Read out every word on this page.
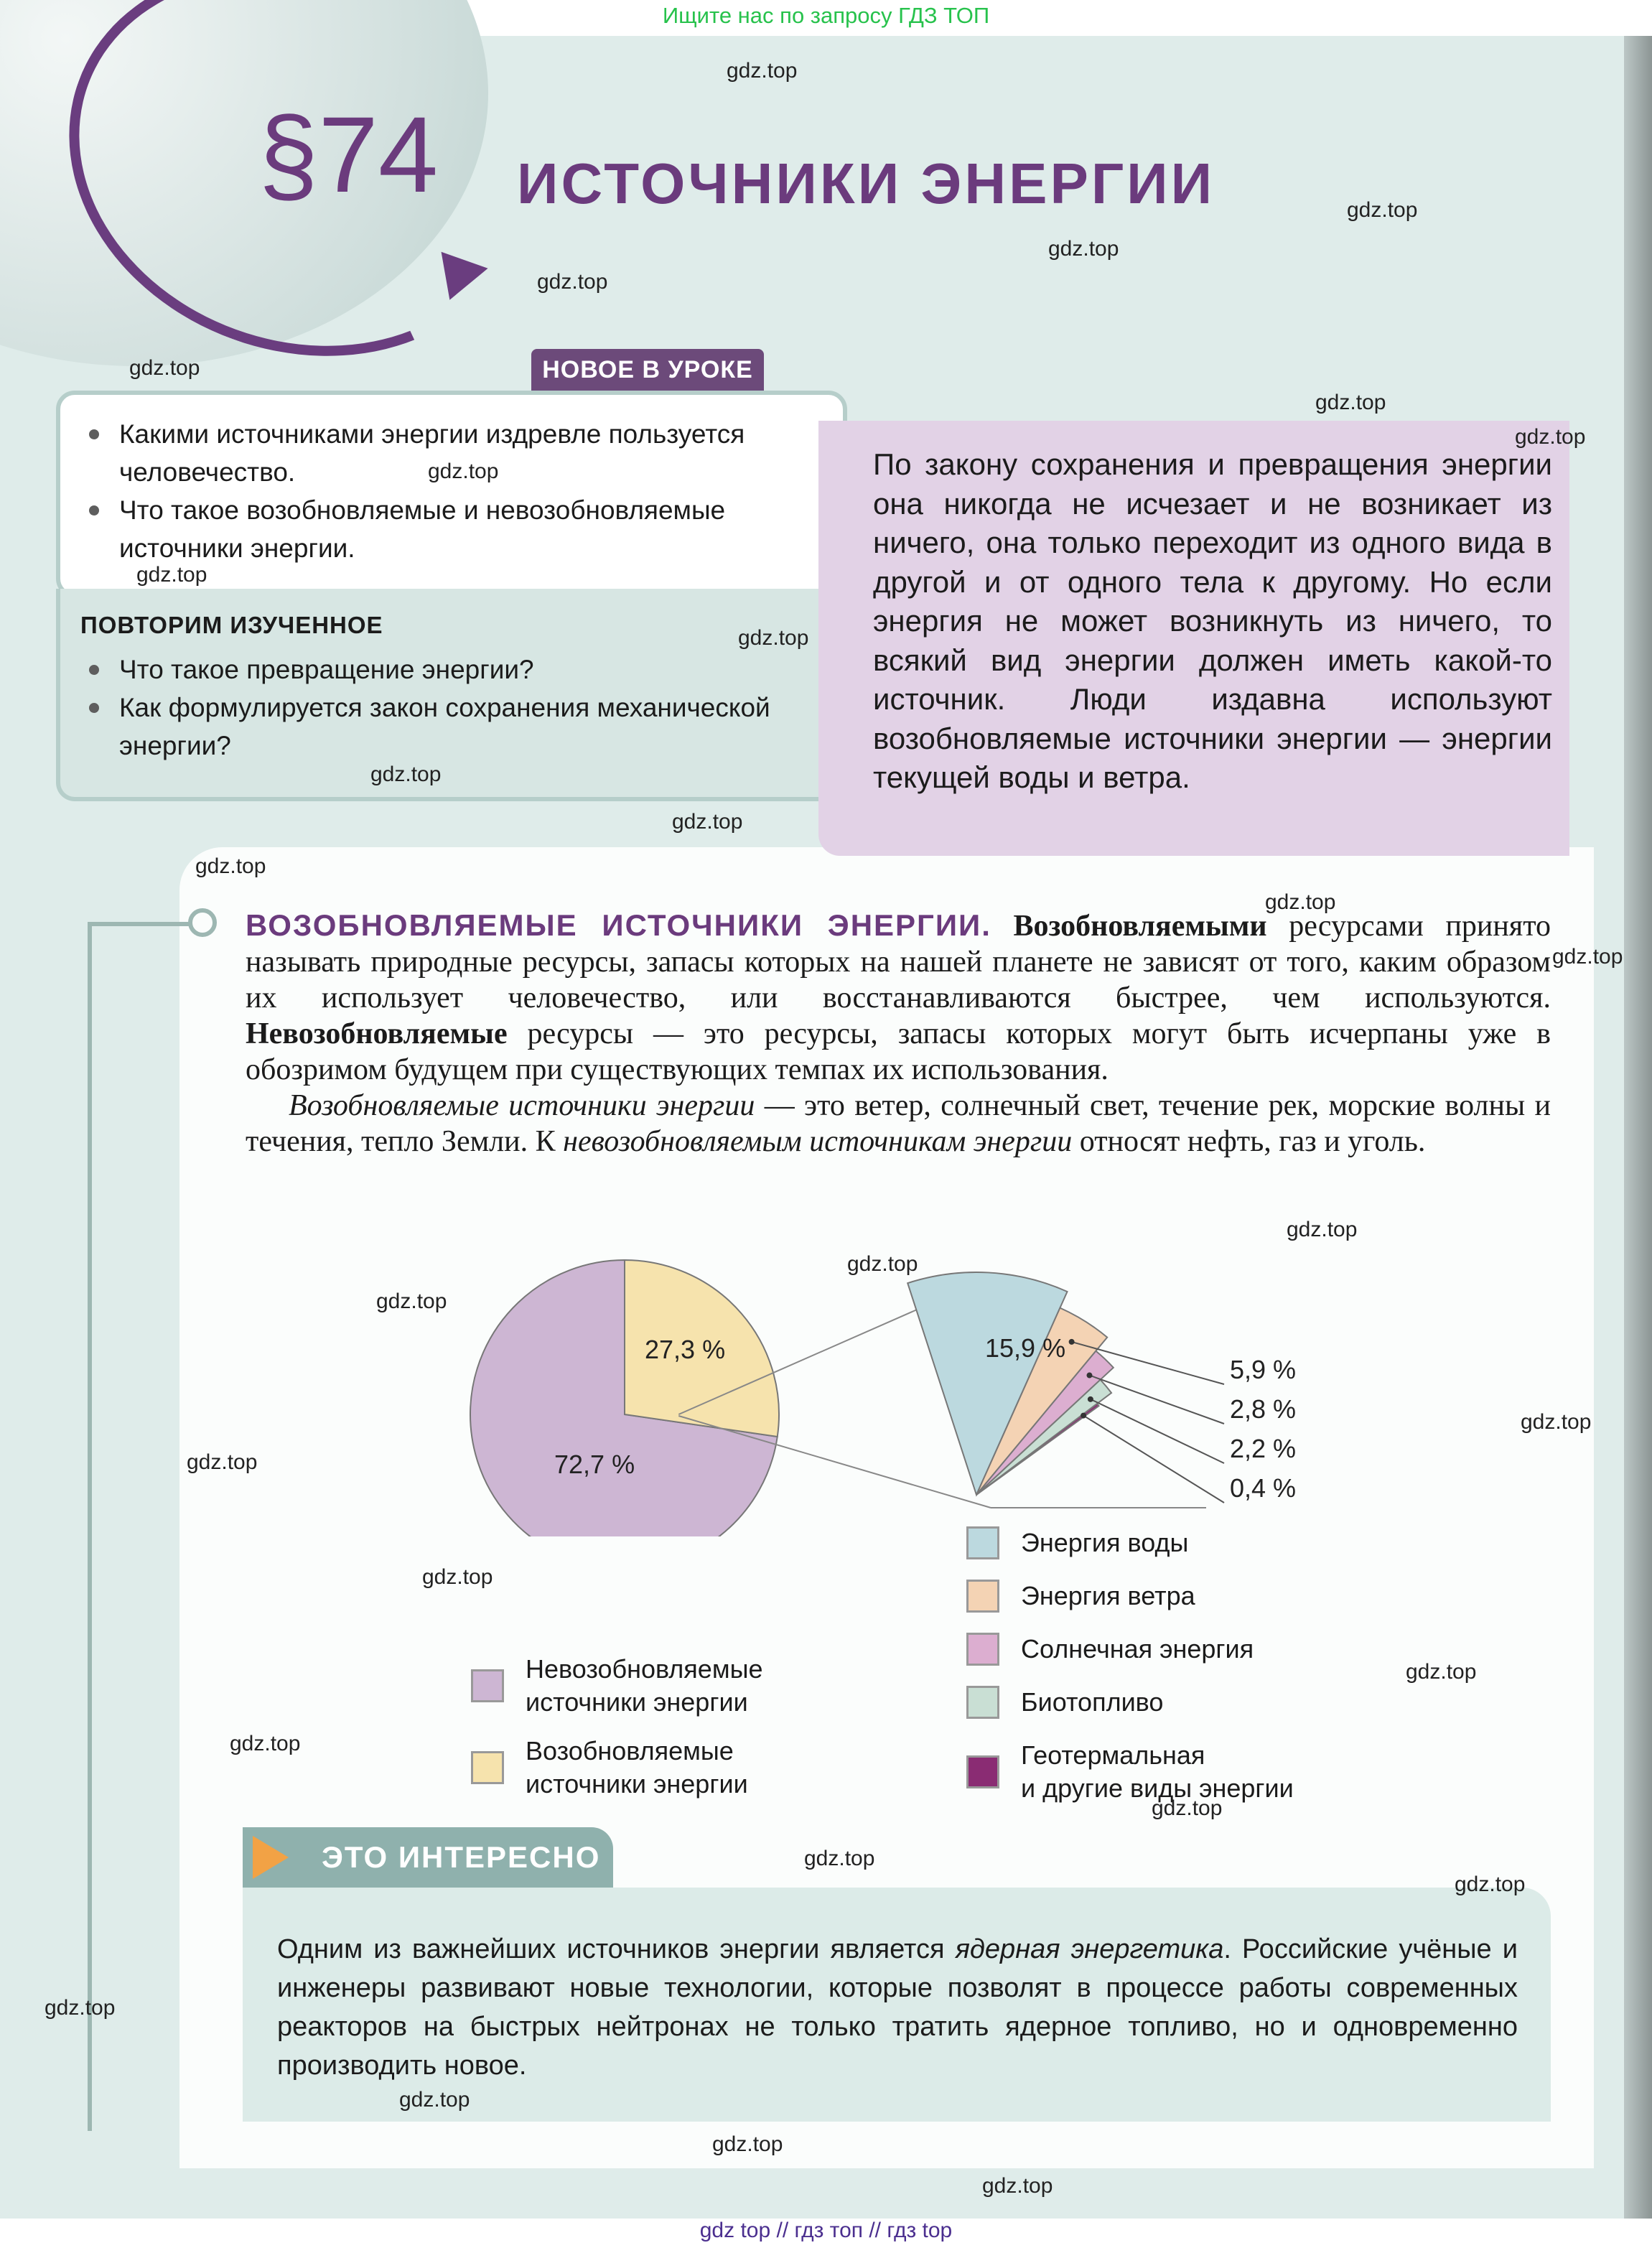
Ищите нас по запросу ГДЗ ТОП
§74 ИСТОЧНИКИ ЭНЕРГИИ
НОВОЕ В УРОКЕ
Какими источниками энергии издревле пользуется человечество.
Что такое возобновляемые и невозобновляемые источники энергии.
ПОВТОРИМ ИЗУЧЕННОЕ
Что такое превращение энергии?
Как формулируется закон сохранения механической энергии?
По закону сохранения и превращения энергии она никогда не исчезает и не возникает из ничего, она только переходит из одного вида в другой и от одного тела к другому. Но если энергия не может возникнуть из ничего, то всякий вид энергии должен иметь какой-то источник. Люди издавна используют возобновляемые источники энергии — энергии текущей воды и ветра.
ВОЗОБНОВЛЯЕМЫЕ ИСТОЧНИКИ ЭНЕРГИИ. Возобновляемыми ресурсами принято называть природные ресурсы, запасы которых на нашей планете не зависят от того, каким образом их использует человечество, или восстанавливаются быстрее, чем используются. Невозобновляемые ресурсы — это ресурсы, запасы которых могут быть исчерпаны уже в обозримом будущем при существующих темпах их использования.
Возобновляемые источники энергии — это ветер, солнечный свет, течение рек, морские волны и течения, тепло Земли. К невозобновляемым источникам энергии относят нефть, газ и уголь.
27,3 %
72,7 %
15,9 %
5,9 %
2,8 %
2,2 %
0,4 %
Невозобновляемые
источники энергии
Возобновляемые
источники энергии
Энергия воды
Энергия ветра
Солнечная энергия
Биотопливо
Геотермальная
и другие виды энергии
ЭТО ИНТЕРЕСНО
Одним из важнейших источников энергии является ядерная энергетика. Российские учёные и инженеры развивают новые технологии, которые позволят в процессе работы современных реакторов на быстрых нейтронах не только тратить ядерное топливо, но и одновременно производить новое.
gdz.top
gdz.top
gdz.top
gdz.top
gdz.top
gdz.top
gdz.top
gdz.top
gdz.top
gdz.top
gdz.top
gdz.top
gdz.top
gdz.top
gdz.top
gdz.top
gdz.top
gdz.top
gdz.top
gdz.top
gdz.top
gdz.top
gdz.top
gdz.top
gdz.top
gdz.top
gdz.top
gdz.top
gdz.top
gdz.top
gdz top // гдз топ // гдз top
